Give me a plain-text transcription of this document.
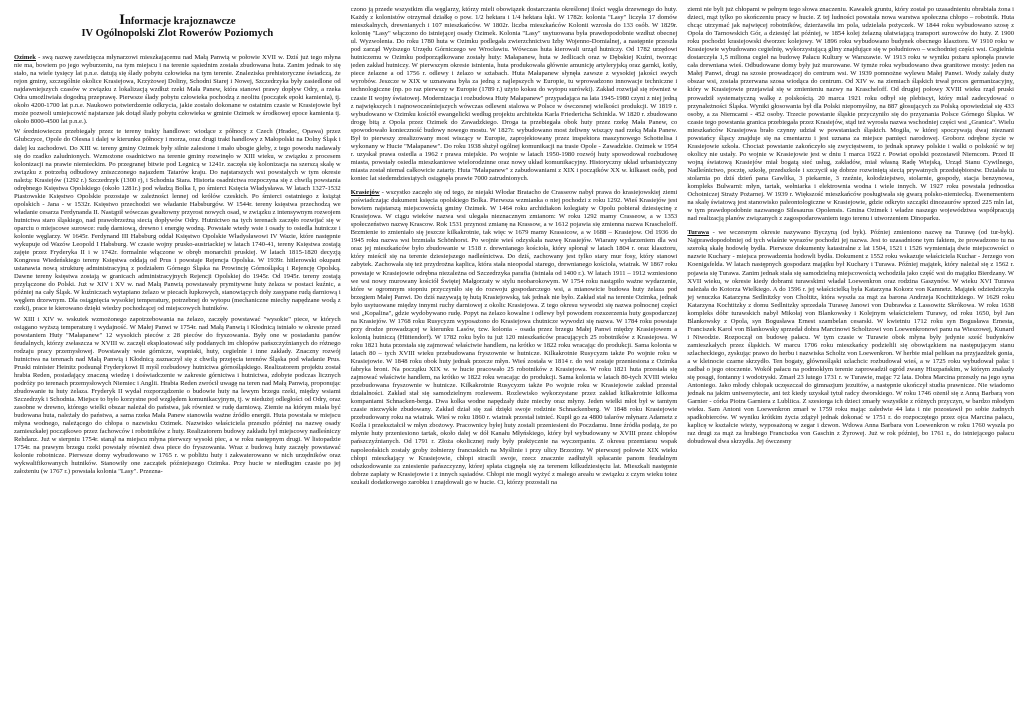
Informacje krajoznawcze
IV Ogólnopolski Zlot Rowerów Poziomych

Ozimek - swą nazwę zawdzięcza młynarzowi mieszkającemu nad Małą Panwią w połowie XVII w. Dziś już tego młyna nie ma, bowiem po jego wyburzeniu, na tym miejscu i na terenie sąsiednim została zbudowana huta. Zanim jednak to się stało, na wiele tysięcy lat p.n.e. datują się ślady pobytu człowieka na tym terenie. Znaleziska prehistoryczne świadczą, że rejon gminy, szczególnie okolice Krasiejowa, Krzyżowej Doliny, Schodni Starej i Nowej, Szczedrzyka były zasiedlone od najdawniejszych czasów w związku z lokalizacją wzdłuż rzeki Mała Panew, która stanowi prawy dopływ Odry, a rzeka Odra umożliwiała dogodną przeprawę. Pierwsze ślady pobytu człowieka pochodzą z neolitu (początek epoki kamienia), tj. około 4200-1700 lat p.n.e. Naukowo potwierdzenie odkrycia, jakie zostało dokonane w ostatnim czasie w Krasiejowie był może pozwoli umiejscowić najstarsze jak dotąd ślady pobytu człowieka w gminie Ozimek w środkowej epoce kamienia tj. około 8000-4500 lat p.n.e.).

W średniowieczu przebiegały przez te tereny trakty handlowe: wiodące z północy z Czech (Hradec, Opawa) przez Głubczyce, Opole do Olesna i dalej w kierunku północy i morza, oraz drugi trakt handlowy z Małopolski na Dolny Śląsk i dalej ku zachodowi. Do XIII w. tereny gminy Ozimek były silnie zalesione i mało ubogie gleby, z tego powodu nadawały się do rzadko zaludnionych. Wzmożone osadnictwo na terenie gminy rozwinęło w XIII wieku, w związku z procesem kolonizacji na prawie niemieckim. Po przegranej bitwie pod Legnicą w 1241r. zaczęła się kolonizacja na szerszą skalę w związku z potrzebą odbudowy zniszczonego najazdem Tatarów kraju. Do najstarszych wsi powstałych w tym okresie należą: Krasiejów (1292 r.) Szczedrzyk (1300 r), i Schodnia Stara. Historia osadnictwa rozpoczyna się z chwilą powstania odrębnego Księstwa Opolskiego (około 1281r.) pod władzą Bolka I, po śmierci Księcia Władysława. W latach 1327-1532 Piastowskie Księstwo Opolskie pozostaje w zależności lennej od królów czeskich. Po śmierci ostatniego z książąt opolskich - Jana - w 1532r. Księstwo przechodzi we władanie Habsburgów. W 1544r. tereny księstwa przechodzą we władanie cesarza Ferdynanda II. Nastąpił wówczas gwałtowny przyrost nowych osad, w związku z intensywnym rozwojem hutnictwa staro śląskiego, nad prawobrzeżną siecią dopływów Odry. Hutnictwo na tych terenach zaczęło rozwijać się w oparciu o miejscowe surowce: rudę darniową, drewno i energię wodną. Powstałe wtedy wsie i osady to osiedla hutnicze i kolonie węglarzy. W 1645r. Ferdynand III Habsburg oddał Księstwo Opolskie Władysławowi IV Wazie, które następnie wykupuje od Wazów Leopold I Habsburg. W czasie wojny prusko-austriackiej w latach 1740-41, tereny Księstwa zostają zajęte przez Fryderyka II i w 1742r. formalnie włączone w obręb monarchii pruskiej. W latach 1815-1820 decyzją Kongresu Wiedeńskiego tereny Księstwa oddają od Prus i powstaje Rejencja Opolska. W 1939r. hitlerowski okupant ustanawia nową strukturę administracyjną z podziałem Górnego Śląska na Prowincję Górnośląską i Rejencję Opolską. Dawne tereny księstwa zostają w granicach administracyjnych Rejencji Opolskiej do 1945r. Od 1945r. tereny zostają przyłączone do Polski. Już w XIV i XV w. nad Małą Panwią powstawały prymitywne huty żelaza w postaci kuźnic, a później na cały Śląsk. W kuźniczach wytapiano żelazo w piecach łupkowych, stanowiących doły zasypane rudą darniową i węglem drzewnym. Dla osiągnięcia wysokiej temperatury, potrzebnej do wytopu (mechaniczne miechy napędzane wodą z rzeki), prace te kierowano dzięki wiedzy pochodzącej od miejscowych hutników.

W XIII i XIV w. wskutek wzmożonego zapotrzebowania na żelazo, zaczęły powstawać "wysokie" piece, w których osiągano wyższą temperaturę i wydajność. W Małej Panwi w 1754r. nad Małą Panwią i Kłodnicą istniało w okresie przed powstaniem Huty "Małapanew" 12 wysokich pieców z 28 pieców do fryszowania. Były one w posiadaniu panów feudalnych, którzy zwłaszcza w XVIII w. zaczęli eksploatować siły poddanych im chłopów pańszczyźnianych do różnego rodzaju pracy przemysłowej. Powstawały wsie górnicze, wapniaki, huty, cegielnie i inne zakłady. Znaczny rozwój hutnictwa na terenach nad Małą Panwią i Kłodnicą zaznaczył się z chwilą przejęcia terenów Śląska pod władanie Prus. Pruski minister Heinitz podsunął Fryderykowi II myśl rozbudowy hutnictwa górnośląskiego. Realizatorem projektu został hrabia Reden, posiadający znaczną wiedzę i doświadczenie w zakresie górnictwa i hutnictwa, zdobyte podczas licznych podróży po terenach przemysłowych Niemiec i Anglii. Hrabia Reden zwrócił uwagę na teren nad Małą Panwią, proponując zbudowanie tu huty żelaza. Fryderyk II wydał rozporządzenie o budowie huty na lewym brzegu rzeki, między wsiami Szczedrzyk i Schodnia. Miejsce to było korzystne pod względem komunikacyjnym, tj. w niedużej odległości od Odry, oraz zasobne w drewno, którego wielki obszar należał do państwa, jak również w rudę darniową. Ziemie na którym miała być budowana huta, należały do państwa, a sama rzeka Mała Panew stanowiła ważne źródło energii. Huta powstała w miejscu młyna wodnego, należącego do chłopa o nazwisku Ozimek. Nazwisko właściciela przeszło później na nazwę osady zamieszkałej początkowo przez fachowców i robotników z huty. Realizatorem budowy zakładu był miejscowy nadleśniczy Rehdanz. Już w sierpniu 1754r. stanął na miejscu młyna pierwszy wysoki piec, a w roku następnym drugi. W listopadzie 1754r. na prawym brzegu rzeki powstały również dwa piece do fryszowania. Wraz z budową huty zaczęły powstawać kolonie robotnicze. Pierwsze domy wybudowano w 1765 r. w pobliżu huty i zakwaterowano w nich urzędników oraz wykwalifikowanych hutników. Stanowiły one zaczątek późniejszego Ozimka. Przy hucie w niedługim czasie po jej założeniu (w 1767 r.) powstała kolonia "Lasy". Przezna-

czono ją przede wszystkim dla węglarzy, którzy mieli obowiązek dostarczania określonej ilości węgla drzewnego do huty. Każdy z kolonistów otrzymał działkę o pow. 1/2 hektara i 1/4 hektara łąki. W 1782r. kolonia "Lasy" liczyła 17 domów mieszkalnych, drewnianych i 107 mieszkańców. W 1802r. liczba mieszkańców Kolonii wzrosła do 133 osób. W 1829r. kolonię "Lasy" włączono do istniejącej osady Ozimek. Kolonia "Lasy" usytuowana była prawdopodobnie wzdłuż obecnej ul. Wyzwolenia. Do roku 1780 huta w Ozimku podlegała zwierzchnictwu Izby Wojenno-Domialnej, a następnie przeszła pod zarząd Wyższego Urzędu Górniczego we Wrocławiu. Wówczas huta kierowali urząd hutniczy. Od 1782 urzędowi hutniczemu w Ozimku podporządkowane zostały huty: Małapanew, huta w Jedlicach oraz w Dębskiej Kuźni, tworząc jeden zakład hutniczy. W pierwszym okresie istnienia, huta produkowała głównie amunicję artyleryjską oraz garnki, kotły, piece żelazne a od 1756 r. odlewy i żelazo w sztabach. Huta Małapanew słynęła zawsze z wysokiej jakości swych wyrobów. Jeszcze w XIX w uznawana była za jedną z najlepszych w Europie, tu wprowadzono innowacje techniczne i technologiczne (np. po raz pierwszy w Europie (1789 r.) użyto koksu do wytopu surówki). Zakład rozwijał się również w czasie II wojny światowej. Modernizacja i rozbudowa Huty Małapanew" przypadająca na lata 1945-1980 czyni z niej jedną z największych i najnowocześniejszych wówczas odlewni stalowa w Polsce w ówczesnej wielkości produkcji. W 1819 r. wybudowano w Ozimku kościół ewangelicki według projektu architekta Karla Friedericha Schinkla. W 1820 r. zbudowano drogę bitą z Opola przez Ozimek do Zawadzkiego. Droga ta przebiegała obok huty przez rzekę Mała Panew, co spowodowało konieczność budowy nowego mostu. W 1827r. wybudowano most żeliwny wiszący nad rzeką Mała Panew. Był to pierwszy zrealizowany most wiszący w Europie, zaprojektowany przez inspektora maszynowego Schottelisa i wykonany w Hucie "Małapanew". Do roku 1938 służył ogólnej komunikacji na trasie Opole - Zawadzkie. Ozimek w 1954 r. uzyskał prawa osiedla a 1962 r prawa miejskie. Po wojnie w latach 1950-1980 rozwój huty spowodował rozbudowę miasta, powstały osiedla mieszkaniowe wielorodzinne oraz nowy układ komunikacyjny. Historyczny układ urbanistyczny miasta został niemal całkowicie zatarty. Huta "Małapanew" z zabudowaniami z XIX i początków XX w. kilkaset osób, pod koniec lat siedemdziesiątych osiągnęła prawie 7000 zatrudnionych.

Krasiejów - wszystko zaczęło się od tego, że niejaki Włodar Bratacho de Crasseow nabył prawa do krasiejowskiej ziemi poświadczając dukument księcia opolskiego Bolka. Pierwsza wzmianka o niej pochodzi z roku 1292. Wieś Krasiejów jest bowiem najstarszą miejscowością gminy Ozimek. W 1464 roku archidiakon kolegiaty w Opolu pobierał dziesięcinę z Krasiejowa. W ciągu wieków nazwa wsi ulegała nieznacznym zmianom: W roku 1292 mamy Crasseow, a w 1353 społeczeństwo nazwę Krascow. Rok 1531 przynosi zmianę na Krassow, a w 1612 pojawia się zmienna nazwa Krascheloff. Brzmienie to zmieniało się jeszcze kilkakrotnie, tak więc w 1679 mamy Krassicow, a w 1688 – Krasiejow. Od 1936 do 1945 roku nazwa wsi brzmiała Schönhorst. Po wojnie wieś odzyskała nazwę Krasiejów. Wiarany wydarzeniem dla wsi oraz jej mieszkańców było zbudowanie w 1518 r. drewnianego kościoła, który spłonął w latach 1804 r. oraz klasztoru, który mieścił się na terenie dziesiejszego nadleśnictwa. Do dziś, zachowany jest tylko stary mur fosy, który stanowi zabytek. Zachowała się też przydrożna kaplica, która stała nieopodal starego, drewnianego kościoła, wiatrak. W 1867 roku powstaje w Krasiejowie odrębna niezależna od Szczedrzyka parafia (istniała od 1400 r.). W latach 1911 – 1912 wzniesiono we wsi nowy murowany kościół Świętej Małgorzaty w stylu neobarokowym. W 1754 roku nastąpiło ważne wydarzenie, które w ogromnym stopniu przyczyniło się do rozwoju gospodarczego wsi, a mianowicie budowa huty żelaza pod brzegiem Małej Panwi. Do dziś nazywają tę hutą Krasiejowską, tak jednak nie było. Zakład stał na terenie Ozimka, jednak było usytuowane między innymi ruchy darniowej z okolic Krasiejowa. Z tego okresu wywodzi się nazwa połnocnej części wsi „Kopalina", gdzie wydobywano rudę. Popyt na żelazo kowalne i odlewy był powodem rozszerzenia huty gospodarczej na Krasiejów. W 1768 roku Rusycyzm wyposażono do Krasiejowa chutnicze wywodzi się nazwa. W 1784 roku powstaje przy drodze prowadzącej w kierunku Lasów, tzw. kolonia - osada przez brzegu Małej Panwi między Krasiejowem a kolonią hutniczą (Hüttendorf). W 1782 roku było tu już 120 mieszkańców pracujących 25 robotników z Krasiejowa. W roku 1821 huta przestała się zajmować właściwie handlem, na krótko w 1822 roku wracając do produkcji. Sama kolonia w latach 80 – tych XVIII wieku przebudowana fryszownie w hutnicze. Kilkakrotnie Rusycyzm także Po wojnie roku w Krasiejowie. W 1848 roku obok huty jednak przecze młyn. Wieś została w 1814 r. do wsi zostaje przeniesiona z Ozimka fabryka broni. Na początku XIX w. w hucie pracowało 25 robotników z Krasiejowa. W roku 1821 huta przestała się zajmować właściwie handlem, na krótko w 1822 roku wracając do produkcji. Sama kolonia w latach 80-tych XVIII wieku przebudowana fryszownie w hutnicze. Kilkakrotnie Rusycyzm także Po wojnie roku w Krasiejowie zakład przestał działalności. Zakład stał się samodzielnym rozlewem. Rozlewisko wykorzystane przez zakład kilkakrotnie kilkoma kompaniami Schnacken-berga. Dwa kolka wodne napędzały duże miechy oraz młyny. Jeden wielki młot był w tamtym czasie niezwykłe zbudowany. Zakład dział się zaś dzięki swoje rodzinie Schnackenberg. W 1848 roku Krasiejowie przebudowany roku na wiatrak. Wieś w roku 1860 r. wiatrak przestał istnieć. Kupił go za 4800 talarów młynarz Adametz z Koźla i przekształcił w młyn zbożowy. Pracownicy byłej huty zostali przeniesieni do Poczdamu. Inne źródła podają, że po młynie huty przeniesiono tartak, około dalej w dół Kanału Młyńskiego, który był wybudowany w XVIII przez chłopów pańszczyźnianych. Od 1791 r. Złoża okolicznej rudy były praktycznie na wyczerpaniu. Z okresu przemiarsu wspak napoleońskich zostały groby żołnierzy francuskich na Myślinie i przy ulicy Brzeziny. W pierwszej połowie XIX wieku chłopi mieszkający w Krasiejowie, chłopi stracili swoje, rzecz znacznie zadłużyli spłacanie panom feudalnym odszkodowanie za zniesienie pańszczyzny, której spłata ciągnęła się za terenem kilkudziesięciu lat. Mieszkali następnie dobrze zapłaty w Krasiejowie i z innych sąsiadów. Chłopi nie mogli wyżyć z małego areału w związku z czym wieku totez szukali dodatkowego zarobku i znajdowali go w hucie. Ci, którzy pozostali na

ziemi nie byli już chłopami w pełnym tego słowa znaczeniu. Kawałek gruntu, który został po uzasadnieniu obrabiała żona i dzieci, mąż tylko po skończeniu pracy w hucie. Z tej ludności powstała nowa warstwa społeczna chłopo – robotnik. Huta chcąc utrzymać jak najwięcej robotników, dzierżawiła im pola, udzielała pożyczek. W 1844 roku wybudowano szosę z Opola do Tarnowskich Gór, a dziesięć lat później, w 1854 kolej żelazną ułatwiającą transport surowców do huty. Z 1900 roku pochodzi krasiejowski dworzec kolejowy. W 1896 roku wybudowano budynek obecnego klasztoru. W 1910 roku w Krasiejowie wybudowano cegielnię, wykorzystującą gliny znajdujące się w południowo – wschodniej części wsi. Cegielnia dostarczyła 1,5 miliona cegieł na budowę Pałacu Kultury w Warszawie. W 1913 roku w wyniku pożaru spłonęła prawie cała drewniana wieś. Odbudowane domy były już murowane. W tymże roku wybudowano dwa granitowe mosty: jeden na Małej Panwi, drugi na szosie prowadzącej do centrum wsi. W 1939 pomnożne wylewu Małej Panwi. Wody zalały duży obszar wsi, została przerwana szosa wiodąca do centrum. Od XIV w. na ziemiach śląskich trwał proces germanizacyjny, który w Krasiejowie przejawiał się w zmienieniu nazwy na Krascheloff. Od drugiej połowy XVIII wieku rząd pruski prowadził systematyczną walkę z polskością. 20 marca 1921 roku odbył się plebiscyt, który miał zadecydować o przynależności Śląska. Wyniki głosowania był dla Polski niepomyślny, na 887 głosujących za Polską opowiedział się 433 osoby, a za Niemcami - 452 osoby. Trzecie powstanie śląskie przyczyniło się do przyznania Polsce Górnego Śląska. W czasie tego powstania granica przebiegała przez Krasiejów, stąd też wyrosła nazwa wschodniej części wsi „Granica". Wielu mieszkańców Krasiejowa brało czynny udział w powstaniach śląskich. Mogiła, w której spoczywają dwaj nieznani powstańcy śląscy znajduje się na cmentarzu i jest uznana za miejsce pamięci narodowej. Groborz odrębne życie w Krasiejowie szkoła. Chociaż powstanie zakończyło się zwycięstwem, to jednak sprawy polskie i walki o polskość w tej okolicy nie ustały. Po wojnie w Krasiejowie jest w dniu 1 marca 1922 r. Powiat opolski pozostawił Niemcom. Przed II wojną światową Krasiejów miał bogatą sieć usług, zakładów, miał własną Radę Wiejską, Urząd Stanu Cywilnego, Nadleśnictwo, pocztę, szkołę, przedszkole i szczycił się dobrze rozwiniętą siecią prywatnych przedsiębiorstw. Działała tu stolarnia po dziś dzień pana Gawlika, 3 piekarnie, 3 rzeźnie, kołodziejstwo, stolarnie, gospody, stacja benzynowa, kompleks Bulwarni: młyn, tartak, wełniarka i elektrownia wodna i wiele innych. W 1927 roku powstała jednostka Ochotniczej Straży Pożarnej. W 1939 r. Większość mieszkańców posługiwała się gwarą polsko-niemiecką. Ewenementem na skalę światową jest stanowisko paleontologiczne w Krasiejowie, gdzie odkryto szczątki dinozaurów sprzed 225 mln lat, w tym prawdopodobnie nazwanego Silesaurus Opolensis. Gmina Ozimek i władze naszego województwa współpracują nad realizacją planów związanych z zagospodarowaniem tego terenu i utworzeniem Dinoparku.

Turawa - we wczesnym okresie nazywano Byczyną (od byk). Później zmieniono nazwę na Turawę (od tur-byk). Najprawdopodobniej od tych właśnie wyrazów pochodzi jej nazwa. Jest to uzasadnione tym faktem, że prowadzono tu na szeroką skalę hodowlę bydła. Pierwsze dokumenty katastralne z lat 1504, 1521 i 1526 wymieniają dwie miejscowości o nazwie Kuchary - miejsca prowadzenia hodowli bydła. Dokument z 1552 roku wskazuje właściciela Kuchar - Jerzego von Koenigsfelda. W latach następnych gospodarz majątku był Kuchary i Turawa. Później majątek, który należał się z 1562 r. pojawia się Turawa. Zanim jednak stała się samodzielną miejscowością wchodziła jako część wsi do majątku Bierdzany. W XVII wieku, w okresie kiedy dobrami turawskimi władał Loewenkron oraz rodzina Gaszynów. W wieku XVI Turawa należała do Kotorza Wielkiego. A do 1596 r. jej właścicielką była Katarzyna Kokorz von Kamnetz. Majątek odziedziczyła jej wnuczka Katarzyna Sedlnitzky von Choltitz, która wyszła za mąż za barona Andrzeja Kochtitzkiego. W 1629 roku Katarzyna Kochtitzky z domu Sedlnitzky sprzedała Turawę Janowi von Dubrawka z Lassowitz Skrókowa. W roku 1638 kompleks dóbr turawskich nabył Mikołaj von Blankowsky i Kolejnym właścicielem Turawy, od roku 1650, był Jan Blankowsky z Opola, syn Bogusława Ernest szambelan cesarski. W kwietniu 1712 roku syn Bogusława Ernesta, Franciszek Karol von Blankowsky sprzedał dobra Marcinowi Scholtzowi von Loewenkronowi panu na Wieszowej, Kunard i Niwodzie. Rozpoczął on budowę pałacu. W tym czasie w Turawie obok młyna były jedynie sześć budynków zamieszkałych przez śląskich. W marcu 1706 roku mieszkańcy podzielili się obowiązkiem na następującym stanu szlacheckiego, zyskując prawo do herbu i nazwiska Scholtz von Loewenkron. W herbie miał pelikan na przyjazdżek gonia, a w kleinocie czarne skrzydło. Ten bogaty, głównośląski szlachcic rozbudował wieś, a w 1725 roku wybudował pałac i zadbał o jego otoczenie. Wokół pałacu na podmokłym terenie zaprowadził ogród zwany Hiszpańskim, w którym znalazły się posągi, fontanny i wodotryski. Zmarł 23 lutego 1731 r. w Turawie, mając 72 lata. Dobra Marcina przeszły na jego syna Antoniego. Jako młody chłopak uczęszczał do gimnazjum jezuitów, a następnie ukończył studia prawnicze. Nie wiadomo jednak na jakim uniwersytecie, ani też kiedy uzyskał tytuł radcy dworskiego. W roku 1746 ożenił się z Anną Barbarą von Garnier - córka Piotra Garniera z Lubliica. Z szesiorga ich dzieci zmarły wszystkie z różnych przyczyn, w bardzo młodym wieku. Sam Antoni von Loewenkron zmarł w 1759 roku mając zaledwie 44 lata i nie pozostawił po sobie żadnych spadkobierców. W wyniku krótkim życia zdążył jednak dokonać w 1751 r. do rozpoczętego przez ojca Marcina pałacu, kaplicę w kształcie wieży, wyposażoną w zegar i dzwon. Wdowa Anna Barbara von Loewenkron w roku 1760 wyszła po raz drugi za mąż za hrabiego Franciszka von Gaschin z Żyrowej. Już w rok później, bo 1761 r., do istniejącego pałacu dobudował dwa skrzydła. Jej ówczesny
